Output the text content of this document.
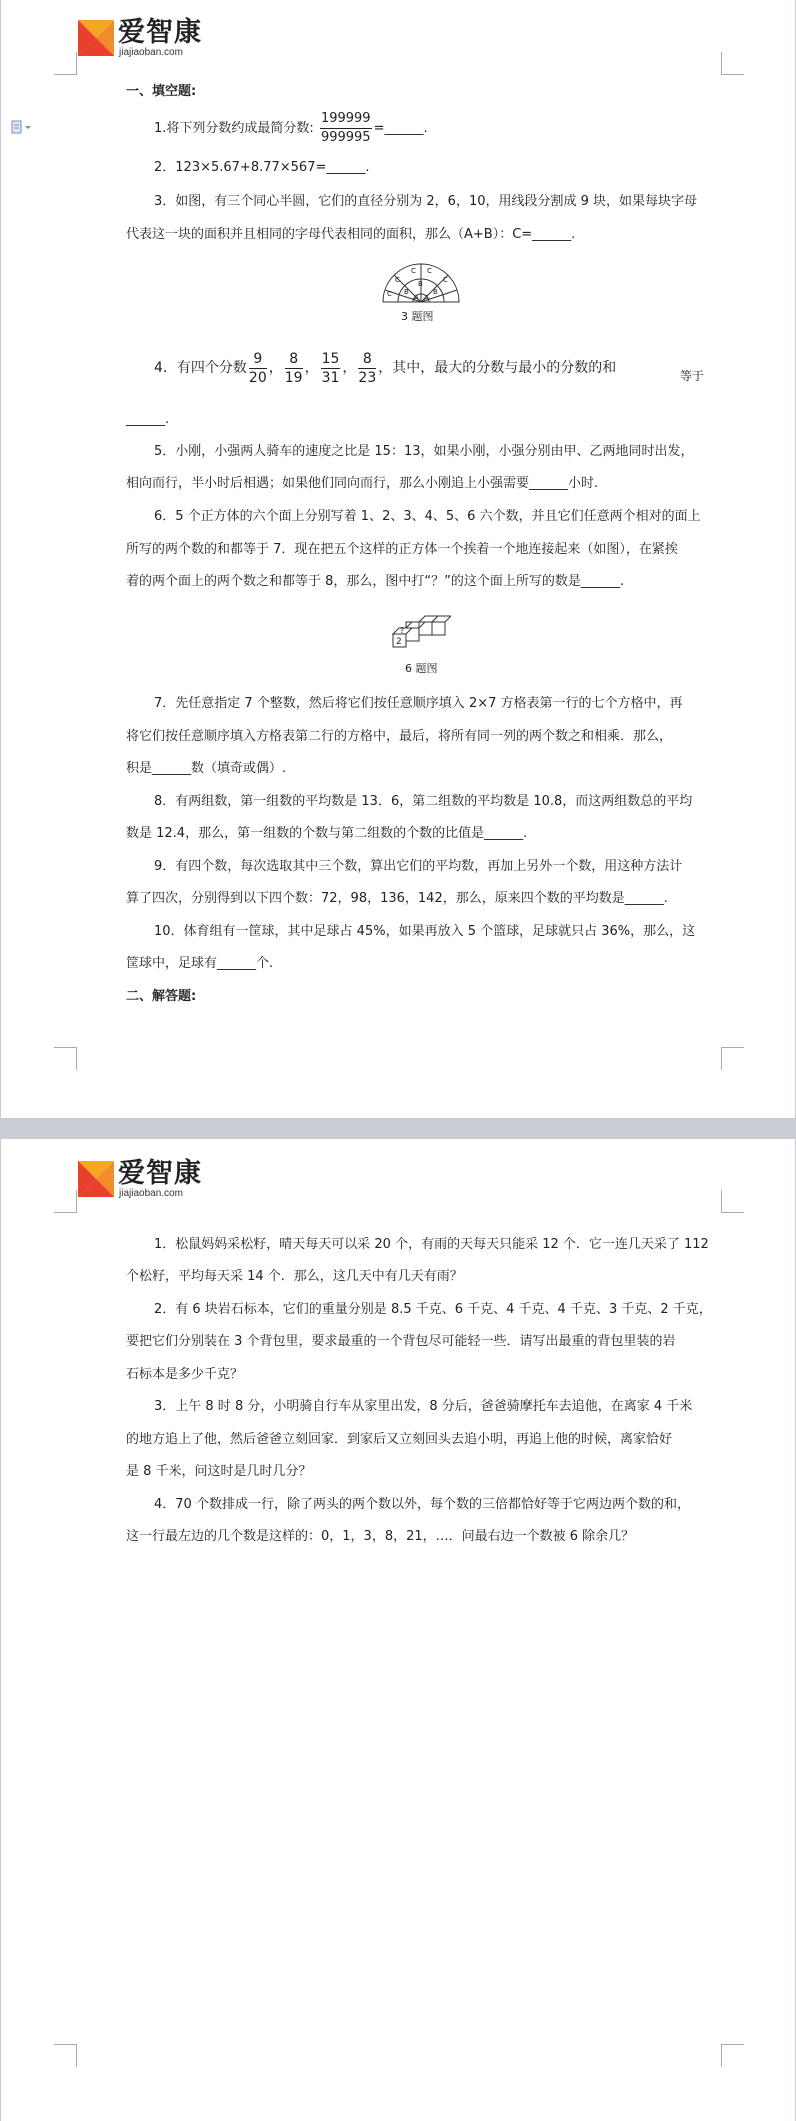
爱智康
jiajiaoban.com
一、填空题:
1.将下列分数约成最简分数: $\frac{199999}{999995}$ =______.
2．123×5.67+8.77×567=______.
3．如图，有三个同心半圆，它们的直径分别为 2，6，10，用线段分割成 9 块，如果每块字母
代表这一块的面积并且相同的字母代表相同的面积，那么（A+B）：C=______.
C
C
C C
C
B
B
B
A A
3 题图
4．有四个分数 $\frac{9}{20}$ ， $\frac{8}{19}$ ， $\frac{15}{31}$ ， $\frac{8}{23}$ ，其中，最大的分数与最小的分数的和	等于
______.
5．小刚，小强两人骑车的速度之比是 15：13，如果小刚，小强分别由甲、乙两地同时出发，
相向而行，半小时后相遇；如果他们同向而行，那么小刚追上小强需要______小时.
6．5 个正方体的六个面上分别写着 1、2、3、4、5、6 六个数，并且它们任意两个相对的面上
所写的两个数的和都等于 7．现在把五个这样的正方体一个挨着一个地连接起来（如图），在紧挨
着的两个面上的两个数之和都等于 8，那么，图中打“？”的这个面上所写的数是______.
2
?
6 题图
7．先任意指定 7 个整数，然后将它们按任意顺序填入 2×7 方格表第一行的七个方格中，再
将它们按任意顺序填入方格表第二行的方格中，最后，将所有同一列的两个数之和相乘．那么，
积是______数（填奇或偶）.
8．有两组数，第一组数的平均数是 13．6，第二组数的平均数是 10.8，而这两组数总的平均
数是 12.4，那么，第一组数的个数与第二组数的个数的比值是______.
9．有四个数，每次选取其中三个数，算出它们的平均数，再加上另外一个数，用这种方法计
算了四次，分别得到以下四个数：72，98，136，142，那么，原来四个数的平均数是______.
10．体育组有一筐球，其中足球占 45%，如果再放入 5 个篮球，足球就只占 36%，那么，这
筐球中，足球有______个.
二、解答题:
爱智康
jiajiaoban.com
1．松鼠妈妈采松籽，晴天每天可以采 20 个，有雨的天每天只能采 12 个．它一连几天采了 112
个松籽，平均每天采 14 个．那么，这几天中有几天有雨？
2．有 6 块岩石标本，它们的重量分别是 8.5 千克、6 千克、4 千克、4 千克、3 千克、2 千克，
要把它们分别装在 3 个背包里，要求最重的一个背包尽可能轻一些．请写出最重的背包里装的岩
石标本是多少千克？
3．上午 8 时 8 分，小明骑自行车从家里出发，8 分后，爸爸骑摩托车去追他，在离家 4 千米
的地方追上了他，然后爸爸立刻回家．到家后又立刻回头去追小明，再追上他的时候，离家恰好
是 8 千米，问这时是几时几分？
4．70 个数排成一行，除了两头的两个数以外，每个数的三倍都恰好等于它两边两个数的和，
这一行最左边的几个数是这样的：0，1，3，8，21，…．问最右边一个数被 6 除余几？
